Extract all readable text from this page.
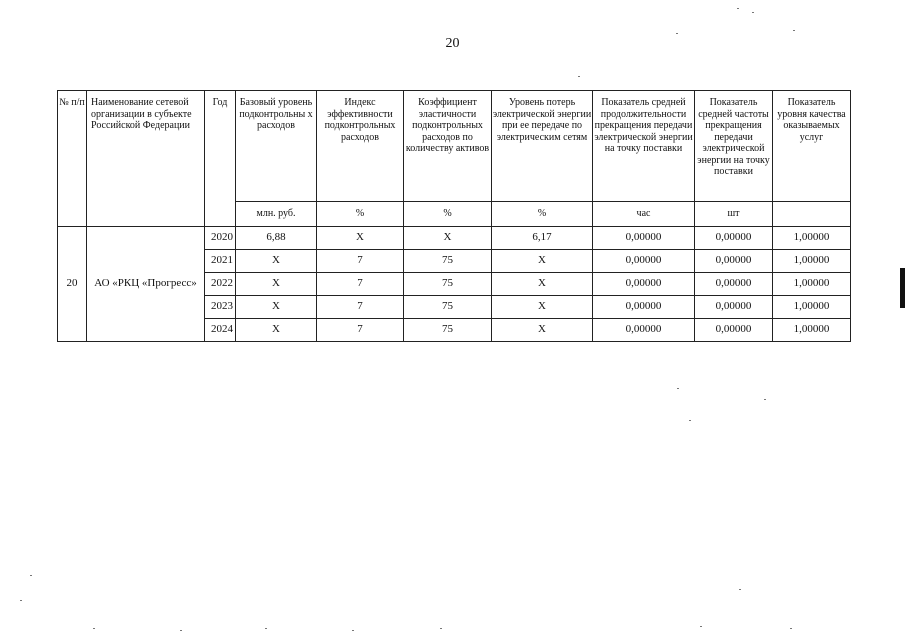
20
№ п/п	Наименование сетевой организации в субъекте Российской Федерации	Год	Базовый уровень подконтрольны х расходов	Индекс эффективности подконтрольных расходов	Коэффициент эластичности подконтрольных расходов по количеству активов	Уровень потерь электрической энергии при ее передаче по электрическим сетям	Показатель средней продолжительности прекращения передачи электрической энергии на точку поставки	Показатель средней частоты прекращения передачи электрической энергии на точку поставки	Показатель уровня качества оказываемых услуг
			млн. руб.	%	%	%	час	шт	
20	АО «РКЦ «Прогресс»	2020	6,88	X	X	6,17	0,00000	0,00000	1,00000
		2021	X	7	75	X	0,00000	0,00000	1,00000
		2022	X	7	75	X	0,00000	0,00000	1,00000
		2023	X	7	75	X	0,00000	0,00000	1,00000
		2024	X	7	75	X	0,00000	0,00000	1,00000
